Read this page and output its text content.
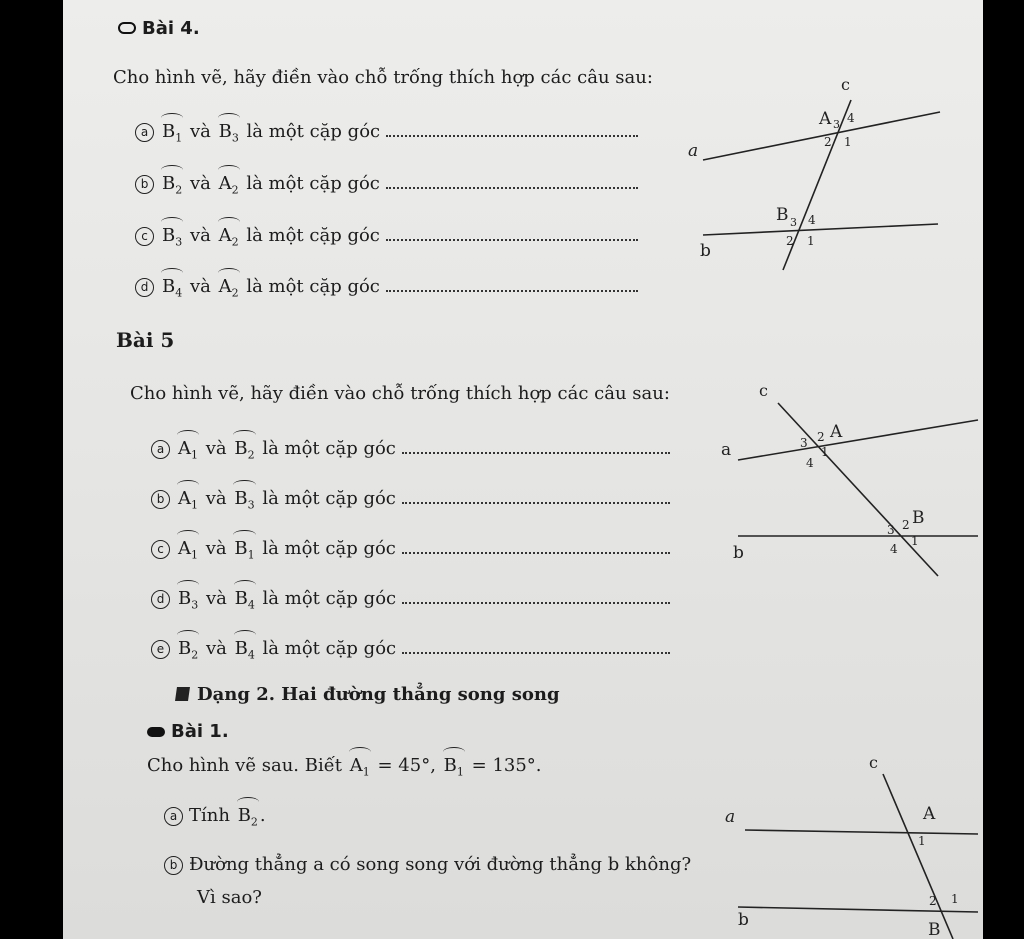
Bài 4.
Cho hình vẽ, hãy điền vào chỗ trống thích hợp các câu sau:
a $B_1$ và $B_3$ là một cặp góc
b $B_2$ và $A_2$ là một cặp góc
c $B_3$ và $A_2$ là một cặp góc
d $B_4$ và $A_2$ là một cặp góc
c
a
b
A 3 4
2 1
B 3 4
2 1
Bài 5
Cho hình vẽ, hãy điền vào chỗ trống thích hợp các câu sau:
a $A_1$ và $B_2$ là một cặp góc
b $A_1$ và $B_3$ là một cặp góc
c $A_1$ và $B_1$ là một cặp góc
d $B_3$ và $B_4$ là một cặp góc
e $B_2$ và $B_4$ là một cặp góc
c
a
b
A
3 2
1
4
B
3 2
1
4
Dạng 2. Hai đường thẳng song song
Bài 1.
Cho hình vẽ sau. Biết $A_1 = 45^\circ$, $B_1 = 135^\circ$.
a Tính $B_2$ .
b Đường thẳng a có song song với đường thẳng b không?
Vì sao?
c
a
b
A
1
B
2 1
